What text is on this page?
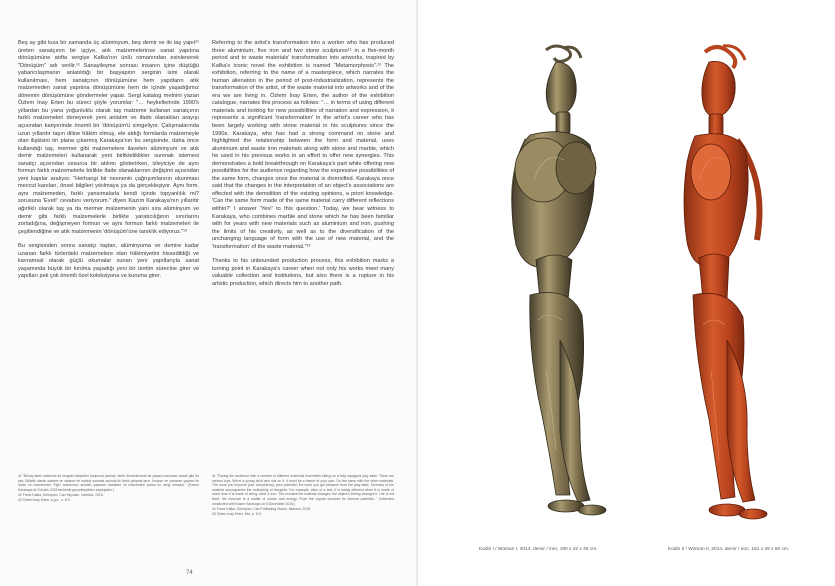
Beş ay gibi kısa bir zamanda üç alüminyum, beş demir ve iki taş yapıt¹¹ üreten sanatçının bir işçiye, atık malzemelerinse sanat yapıtına dönüşümüne atıfta sergiye Kafka'nın ünlü romanından esinlenerek "Dönüşüm" adı verilir.¹² Sanayileşme sonrası insanın içine düştüğü yabancılaşmanın anlatıldığı bir başyapıtın serginin ismi olarak kullanılması, hem sanatçının dönüşümüne hem yapıtların atık malzemeden sanat yapıtına dönüşümüne hem de içinde yaşadığımız dönemin dönüşümüne göndermeler yapar. Sergi katalog metnini yazan Özlem İnay Erten bu süreci şöyle yorumlar: "… heykellerinde 1990'lı yıllardan bu yana yoğunluklu olarak taş malzeme kullanan sanatçının farklı malzemeleri deneyerek yeni anlatım ve ifade olanakları arayışı açısından kariyerinde önemli bir 'dönüşüm'ü simgeliyor. Çalışmalarında uzun yıllardır taşın diline hâkim olmuş, ele aldığı formlarda malzemeyle olan ilişkisini ön plana çıkarmış Karakaya'nın bu sergisinde, daha önce kullandığı taş, mermer gibi malzemelere ilaveten alüminyum ve atık demir malzemeleri kullanarak yeni birlikteliklikler sunmak istemesi sanatçı açısından cesurca bir atılımı gösterirken, izleyiciye de aynı formun farklı malzemelerle birlikte ifade olanaklarının değişimi açısından yeni kapılar aralıyor. "Herhangi bir nesnenin çağrışımlarının okunması mevcut kanıları, önsel bilgileri yıkılmaya ya da gerçekleşiyor. Aynı form, aynı malzemeden, farklı yansımalarla kendi içinde topyanlılık mi? sorusuna 'Evet!' cevabını veriyorum." diyen Kazım Karakaya'nın yıllardır ağırlıklı olarak taş ya da mermer malzemenin yanı sıra alüminyum ve demir gibi farklı malzemelerle birlikte yaratıcılığının sınırlarını zorladığına, değişmeyen formun ve aynı formun farklı malzemeleri ile çeşitlendiğine ve atık malzemenin 'dönüşüm'üne tanıklık ediyoruz."¹³

Bu sergisinden sonra sanatçı taştan, alüminyuma ve demire kadar uzanan farklı türlerdeki malzemelere olan hâkimiyetini hissedildiği ve kavramsal olarak güçlü okumalar sunan yeni yapıtlarıyla sanat yaşamında büyük bir kırılma yaşadığı yeni bir üretim sürecine girer ve yapıtları pek çok önemli özel koleksiyona ve kuruma girer.

Referring to the artist's transformation into a worker who has produced three aluminium, five iron and two stone sculptures¹¹ in a five-month period and to waste materials' transformation into artworks, inspired by Kafka's iconic novel the exhibition is named "Metamorphosis".¹² The exhibition, referring to the name of a masterpiece, which narrates the human alienation in the period of post-industrialization, represents the transformation of the artist, of the waste material into artworks and of the era we are living in. Özlem İnay Erten, the author of the exhibition catalogue, narrates this process as follows: "… in terms of using different materials and looking for new possibilities of narration and expression, it represents a significant 'transformation' in the artist's career who has been largely working with stone material in his sculptures since the 1990s. Karakaya, who has had a strong command on stone and highlighted the relationship between the form and material, uses aluminium and waste iron materials along with stone and marble, which he used in his previous works in an effort to offer new synergies. This demonstrates a bold breakthrough on Karakaya's part while offering new possibilities for the audience regarding how the expressive possibilities of the same form, changes once the material is diversified. Karakaya once said that the changes in the interpretation of an object's associations are effected with the demolition of the existing opinions, a priori knowledge. 'Can the same form made of the same material carry different reflections within?' I answer 'Yes!' to this question.' Today, we bear witness to Karakaya, who combines marble and stone which he has been familiar with for years with new materials such as aluminium and iron, pushing the limits of his creativity, as well as to the diversification of the unchanging language of form with the use of new material, and the 'transformation' of the waste material."¹³

Thanks to his unbounded production process, this exhibition marks a turning point in Karakaya's career when not only his works meet many valuable collection and institutions, but also there is a rupture in his artistic production, which directs him to another path.

41 "Birkaç farklı malzeme ile sergide izleyicinin karşısına çıkmak, farklı dönemlerinde bir yaşam macerası olarak gibi bir şey. Stilistik olarak sadece ve sadece bir iradeyi sunmak aslında iki farklı çalışma tarzı. İnsanın ve zamanın yaşamı ile insan ve malzemeler. Eğer anılarımızı anlatan yaşamın karakteri ve malzemesi yoksa bu sergi olmazdı." (Kazım Karakaya ile 5 Aralık 2015 tarihinde gerçekleştirilen söyleşiden.)

42 Franz Kafka, Dönüşüm, Can Yayınları, İstanbul, 2015.

43 Özlem İnay Erten, a.g.e., s. 8-9.

41 "Facing the audience with a number of different materials resembles sitting on a fully equipped play table. There are various toys. We're a young child who sits on it. It must be a theme of your own. Do the same with the other materials. The more you improve your competency, your potential, the more you get pleasure from the play table. Diversity of the material accompanies the multiplicity of thoughts. For example, think of a text, it is totally different when it is made of stone than it is made of string, steel & iron. The moment the material changes, the object's feeling changes it. Life is not fixed, the essence is a matter of choice and energy. From the crystal structure its internal potential..." (Interview conducted with Kazım Karakaya on 5 December 2015.)

42 Franz Kafka, Dönüşüm, Can Publishing House, İstanbul, 2015.

43 Özlem İnay Erten, ibid. p. 8-9.

74
Kodin I / Woman I, 2014, demir / iron, 190 x 42 x 45 cm.	Kodin II / Woman II, 2014, demir / iron, 181 x 49 x 50 cm.
